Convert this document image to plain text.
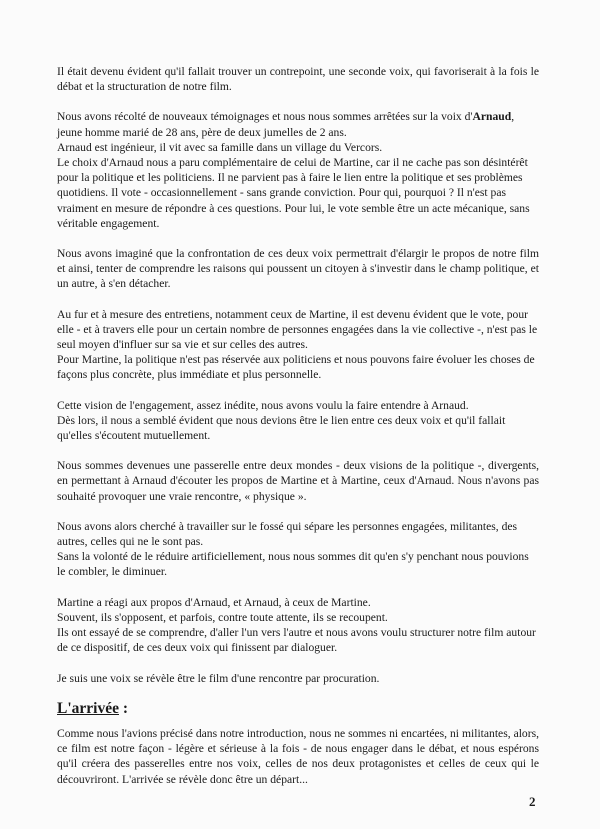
Il était devenu évident qu'il fallait trouver un contrepoint, une seconde voix, qui favoriserait à la fois le débat et la structuration de notre film.

Nous avons récolté de nouveaux témoignages et nous nous sommes arrêtées sur la voix d'Arnaud, jeune homme marié de 28 ans, père de deux jumelles de 2 ans.
Arnaud est ingénieur, il vit avec sa famille dans un village du Vercors.
Le choix d'Arnaud nous a paru complémentaire de celui de Martine, car il ne cache pas son désintérêt pour la politique et les politiciens. Il ne parvient pas à faire le lien entre la politique et ses problèmes quotidiens. Il vote - occasionnellement - sans grande conviction. Pour qui, pourquoi ? Il n'est pas vraiment en mesure de répondre à ces questions. Pour lui, le vote semble être un acte mécanique, sans véritable engagement.

Nous avons imaginé que la confrontation de ces deux voix permettrait d'élargir le propos de notre film et ainsi, tenter de comprendre les raisons qui poussent un citoyen à s'investir dans le champ politique, et un autre, à s'en détacher.

Au fur et à mesure des entretiens, notamment ceux de Martine, il est devenu évident que le vote, pour elle - et à travers elle pour un certain nombre de personnes engagées dans la vie collective -, n'est pas le seul moyen d'influer sur sa vie et sur celles des autres.
Pour Martine, la politique n'est pas réservée aux politiciens et nous pouvons faire évoluer les choses de façons plus concrète, plus immédiate et plus personnelle.
Cette vision de l'engagement, assez inédite, nous avons voulu la faire entendre à Arnaud.
Dès lors, il nous a semblé évident que nous devions être le lien entre ces deux voix et qu'il fallait qu'elles s'écoutent mutuellement.

Nous sommes devenues une passerelle entre deux mondes - deux visions de la politique -, divergents, en permettant à Arnaud d'écouter les propos de Martine et à Martine, ceux d'Arnaud. Nous n'avons pas souhaité provoquer une vraie rencontre, « physique ».

Nous avons alors cherché à travailler sur le fossé qui sépare les personnes engagées, militantes, des autres, celles qui ne le sont pas.
Sans la volonté de le réduire artificiellement, nous nous sommes dit qu'en s'y penchant nous pouvions le combler, le diminuer.
Martine a réagi aux propos d'Arnaud, et Arnaud, à ceux de Martine.
Souvent, ils s'opposent, et parfois, contre toute attente, ils se recoupent.
Ils ont essayé de se comprendre, d'aller l'un vers l'autre et nous avons voulu structurer notre film autour de ce dispositif, de ces deux voix qui finissent par dialoguer.

Je suis une voix se révèle être le film d'une rencontre par procuration.

L'arrivée :

Comme nous l'avions précisé dans notre introduction, nous ne sommes ni encartées, ni militantes, alors, ce film est notre façon - légère et sérieuse à la fois - de nous engager dans le débat, et nous espérons qu'il créera des passerelles entre nos voix, celles de nos deux protagonistes et celles de ceux qui le découvriront. L'arrivée se révèle donc être un départ...

2
